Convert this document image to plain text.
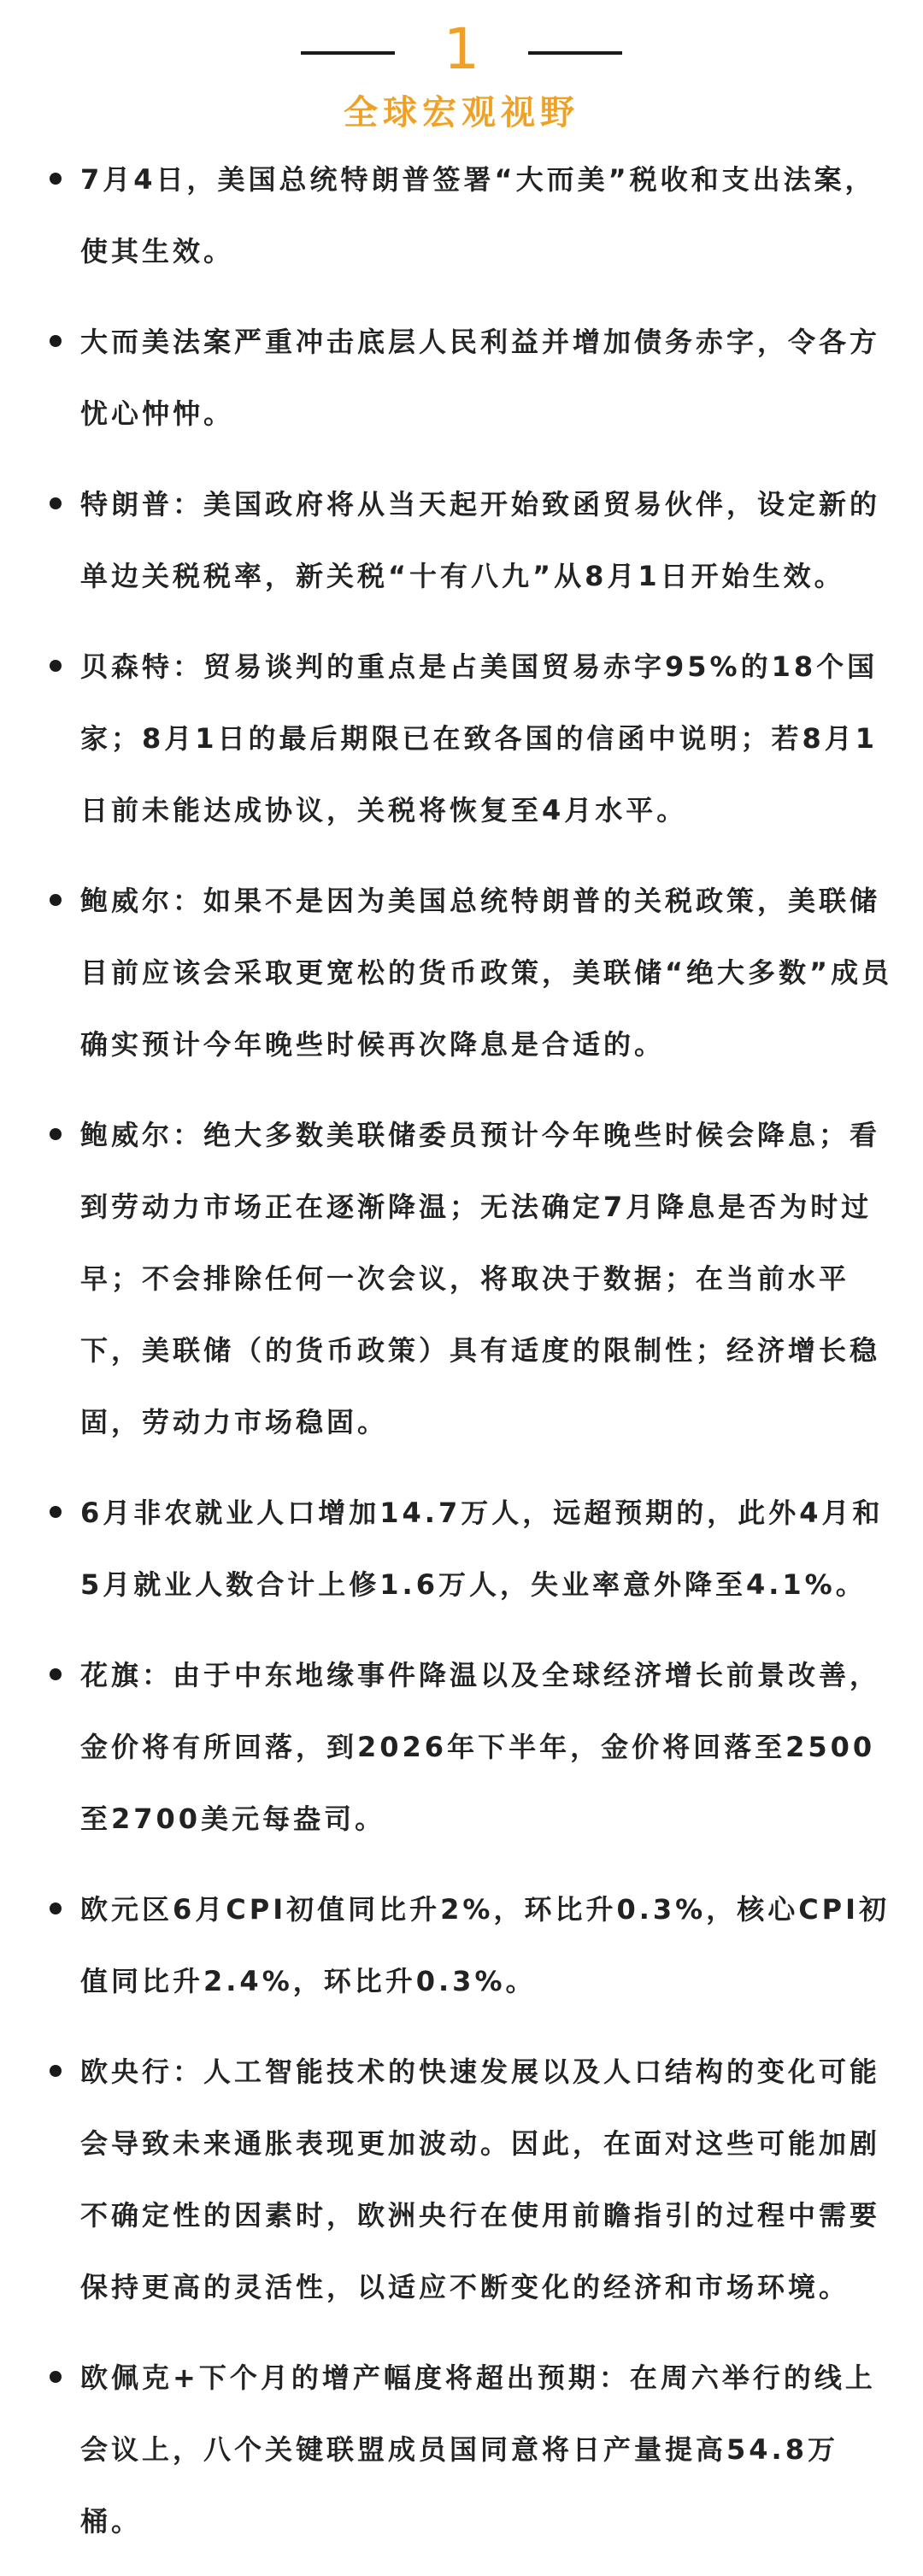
1
全球宏观视野
7月4日，美国总统特朗普签署“大而美”税收和支出法案，使其生效。
大而美法案严重冲击底层人民利益并增加债务赤字，令各方忧心忡忡。
特朗普：美国政府将从当天起开始致函贸易伙伴，设定新的单边关税税率，新关税“十有八九”从8月1日开始生效。
贝森特：贸易谈判的重点是占美国贸易赤字95%的18个国家；8月1日的最后期限已在致各国的信函中说明；若8月1日前未能达成协议，关税将恢复至4月水平。
鲍威尔：如果不是因为美国总统特朗普的关税政策，美联储目前应该会采取更宽松的货币政策，美联储“绝大多数”成员确实预计今年晚些时候再次降息是合适的。
鲍威尔：绝大多数美联储委员预计今年晚些时候会降息；看到劳动力市场正在逐渐降温；无法确定7月降息是否为时过早；不会排除任何一次会议，将取决于数据；在当前水平下，美联储（的货币政策）具有适度的限制性；经济增长稳固，劳动力市场稳固。
6月非农就业人口增加14.7万人，远超预期的，此外4月和5月就业人数合计上修1.6万人，失业率意外降至4.1%。
花旗：由于中东地缘事件降温以及全球经济增长前景改善，金价将有所回落，到2026年下半年，金价将回落至2500至2700美元每盎司。
欧元区6月CPI初值同比升2%，环比升0.3%，核心CPI初值同比升2.4%，环比升0.3%。
欧央行：人工智能技术的快速发展以及人口结构的变化可能会导致未来通胀表现更加波动。因此，在面对这些可能加剧不确定性的因素时，欧洲央行在使用前瞻指引的过程中需要保持更高的灵活性，以适应不断变化的经济和市场环境。
欧佩克+下个月的增产幅度将超出预期：在周六举行的线上会议上，八个关键联盟成员国同意将日产量提高54.8万桶。
